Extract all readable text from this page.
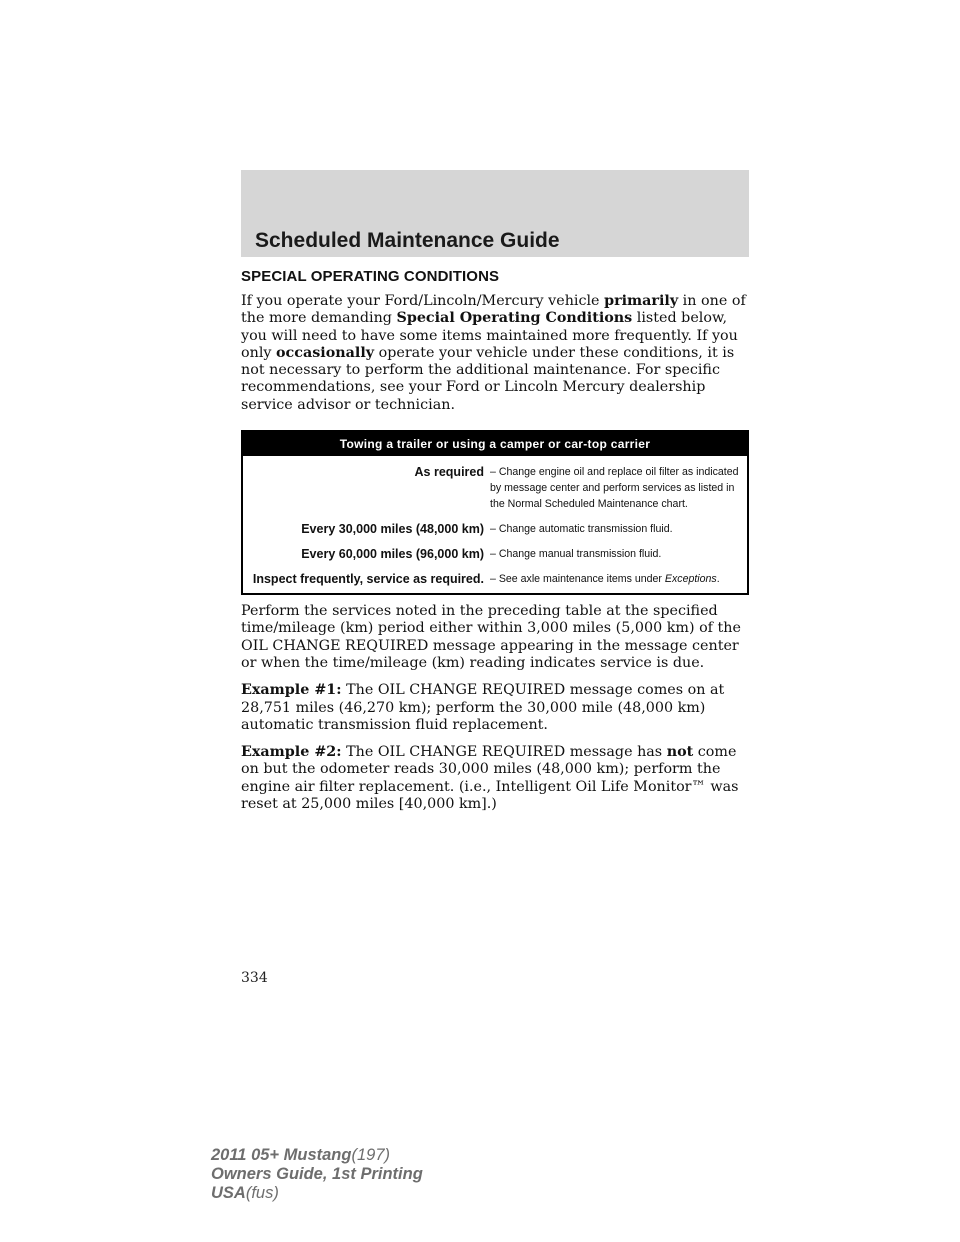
Scheduled Maintenance Guide
SPECIAL OPERATING CONDITIONS

If you operate your Ford/Lincoln/Mercury vehicle primarily in one of the more demanding Special Operating Conditions listed below, you will need to have some items maintained more frequently. If you only occasionally operate your vehicle under these conditions, it is not necessary to perform the additional maintenance. For specific recommendations, see your Ford or Lincoln Mercury dealership service advisor or technician.

Towing a trailer or using a camper or car-top carrier
As required – Change engine oil and replace oil filter as indicated by message center and perform services as listed in the Normal Scheduled Maintenance chart.
Every 30,000 miles (48,000 km) – Change automatic transmission fluid.
Every 60,000 miles (96,000 km) – Change manual transmission fluid.
Inspect frequently, service as required. – See axle maintenance items under Exceptions.

Perform the services noted in the preceding table at the specified time/mileage (km) period either within 3,000 miles (5,000 km) of the OIL CHANGE REQUIRED message appearing in the message center or when the time/mileage (km) reading indicates service is due.

Example #1: The OIL CHANGE REQUIRED message comes on at 28,751 miles (46,270 km); perform the 30,000 mile (48,000 km) automatic transmission fluid replacement.

Example #2: The OIL CHANGE REQUIRED message has not come on but the odometer reads 30,000 miles (48,000 km); perform the engine air filter replacement. (i.e., Intelligent Oil Life Monitor™ was reset at 25,000 miles [40,000 km].)

334
2011 05+ Mustang(197)
Owners Guide, 1st Printing
USA(fus)
